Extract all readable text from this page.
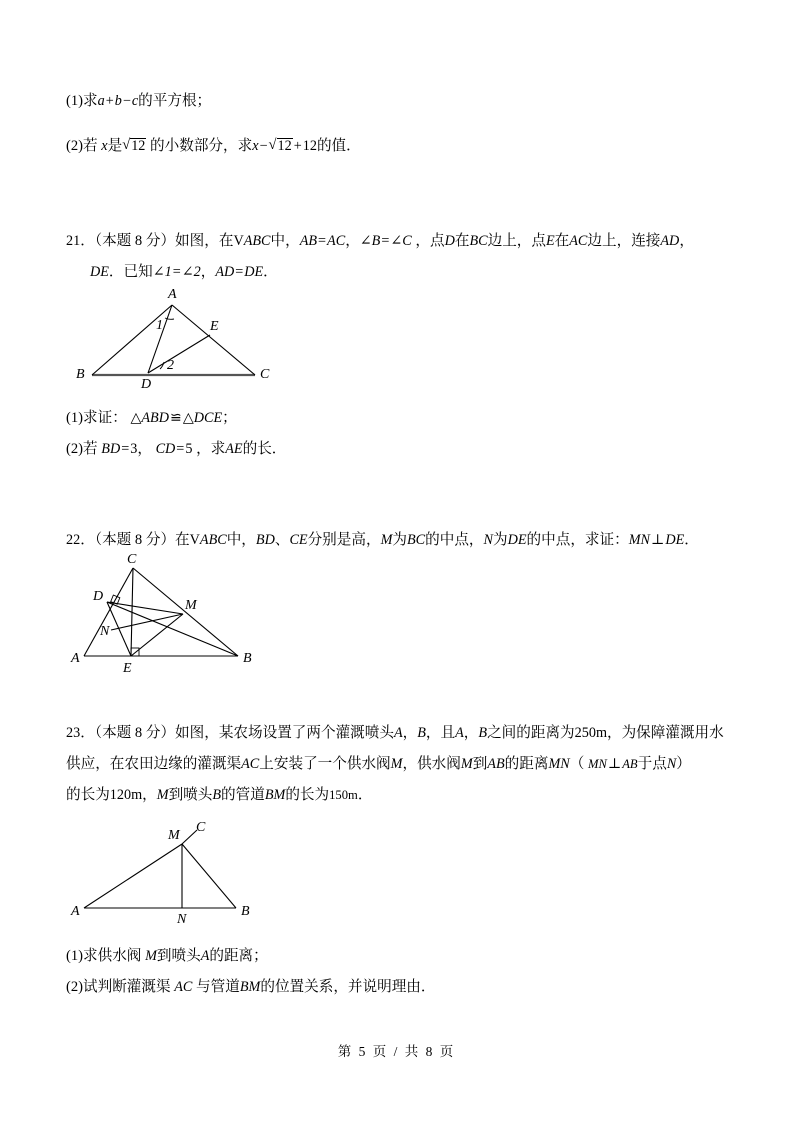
(1)求a+b−c的平方根；
(2)若 x是 √ 12 的小数部分，求x− √ 12 +12的值．
21．（本题 8 分）如图，在VABC中，AB=AC，∠B=∠C ，点D在BC边上，点E在AC边上，连接AD，
DE．已知∠1=∠2，AD=DE．
A
B	C
D
E
1
2
(1)求证： △ABD≌△DCE；
(2)若 BD=3， CD=5 ，求AE的长．
22．（本题 8 分）在VABC中，BD、CE分别是高，M为BC的中点，N为DE的中点，求证：MN⊥DE．
C
D
A	B
E
M
N
23．（本题 8 分）如图，某农场设置了两个灌溉喷头A，B，且A，B之间的距离为250m，为保障灌溉用水
供应，在农田边缘的灌溉渠AC上安装了一个供水阀M，供水阀M到AB的距离MN（ MN⊥AB于点N）
的长为120m，M到喷头B的管道BM的长为150m．
A	B
M
C
N
(1)求供水阀 M到喷头A的距离；
(2)试判断灌溉渠 AC 与管道BM的位置关系，并说明理由．
第 5 页 / 共 8 页
